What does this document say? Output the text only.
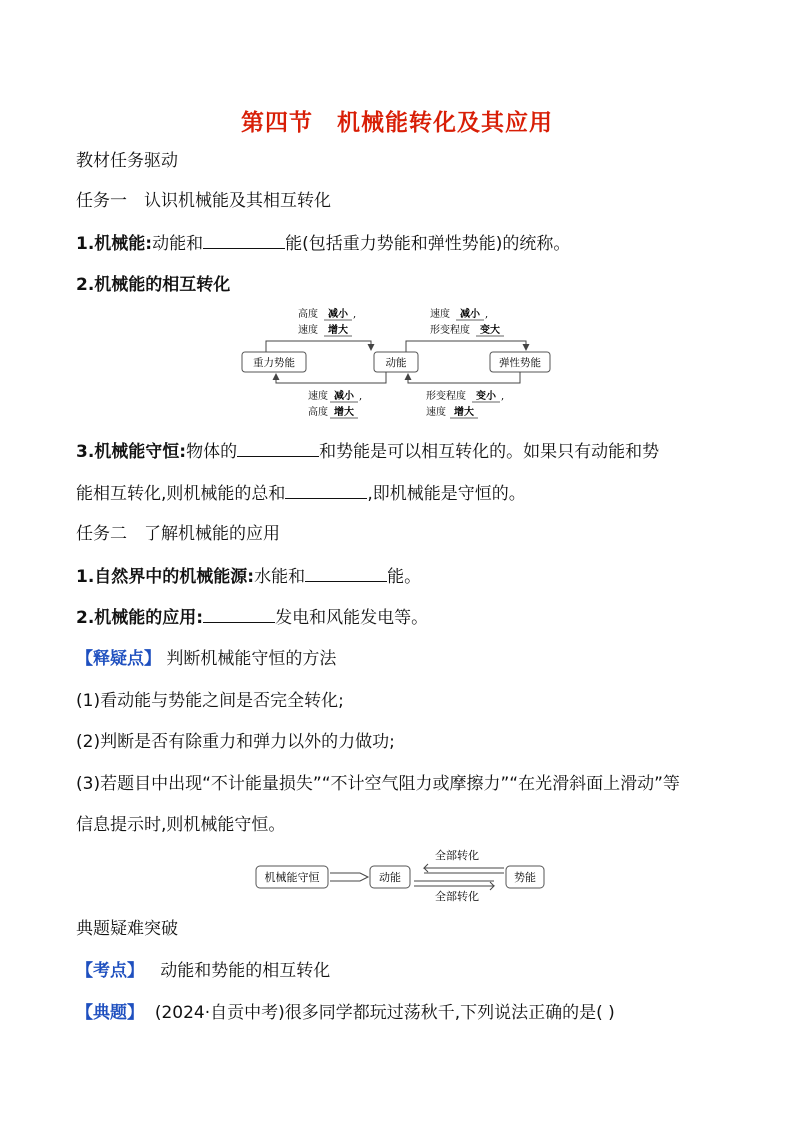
第四节　机械能转化及其应用
教材任务驱动
任务一　认识机械能及其相互转化
1.机械能:动能和	能(包括重力势能和弹性势能)的统称。
2.机械能的相互转化
高度 减小 ,
速度 增大
速度 减小 ,
形变程度 变大
重力势能	动能	弹性势能
速度 减小 ,
高度 增大
形变程度 变小 ,
速度 增大
3.机械能守恒:物体的	和势能是可以相互转化的。如果只有动能和势
能相互转化,则机械能的总和	,即机械能是守恒的。
任务二　了解机械能的应用
1.自然界中的机械能源:水能和	能。
2.机械能的应用:	发电和风能发电等。
【释疑点】 判断机械能守恒的方法
(1)看动能与势能之间是否完全转化;
(2)判断是否有除重力和弹力以外的力做功;
(3)若题目中出现“不计能量损失”“不计空气阻力或摩擦力”“在光滑斜面上滑动”等
信息提示时,则机械能守恒。
全部转化
机械能守恒	动能	势能
全部转化
典题疑难突破
【考点】 动能和势能的相互转化
【典题】 (2024·自贡中考)很多同学都玩过荡秋千,下列说法正确的是( )
